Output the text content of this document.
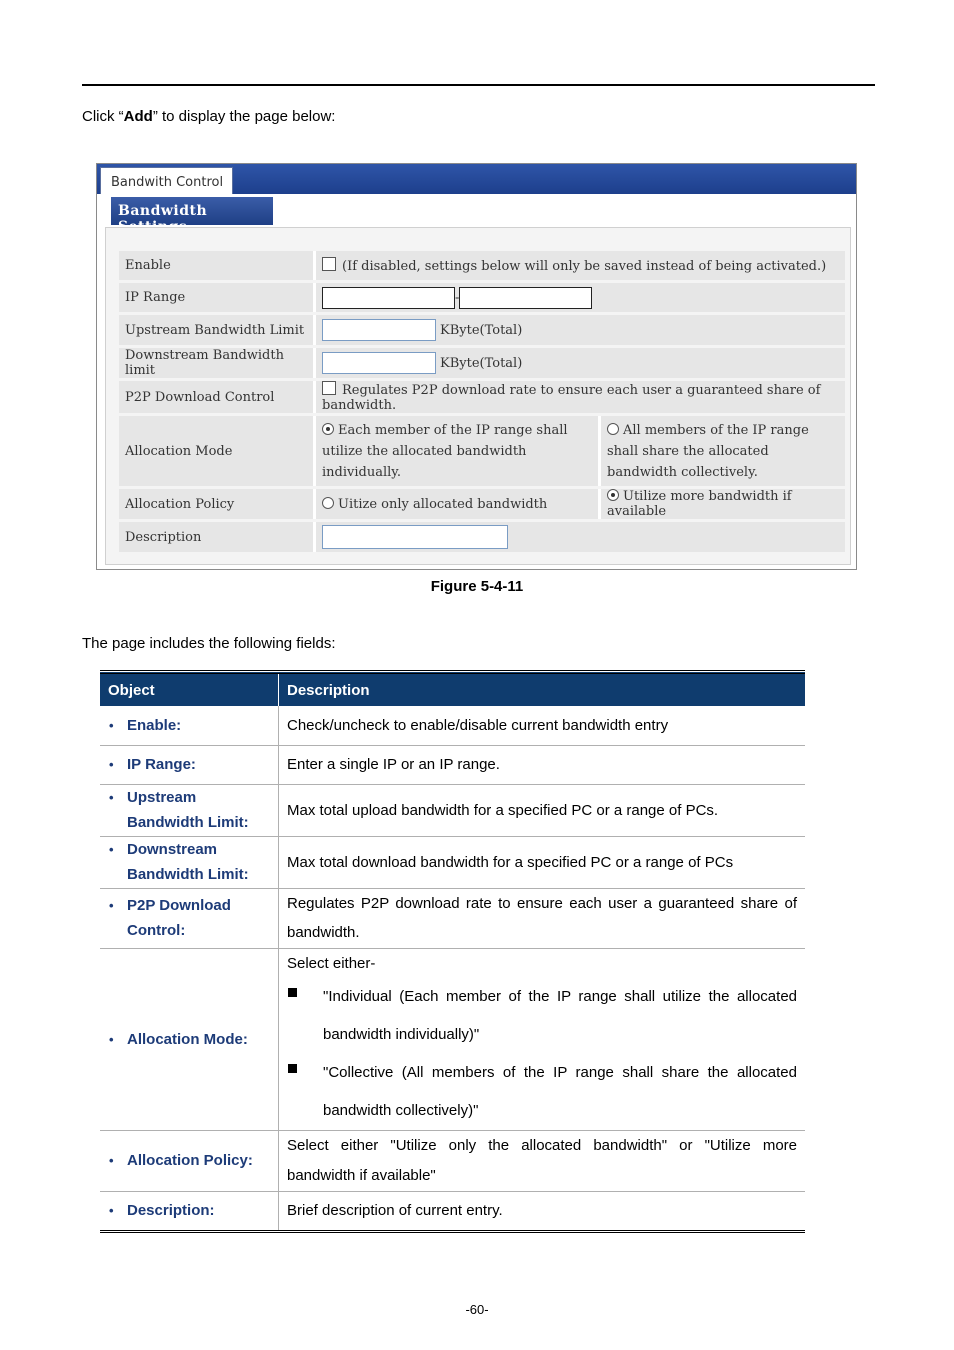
Click “Add” to display the page below:
Bandwith Control
Bandwidth
Enable		(If disabled, settings below will only be saved instead of being activated.)		
IP Range		-		
Upstream Bandwidth Limit		KByte(Total)		
Downstream Bandwidth limit		KByte(Total)		
P2P Download Control		Regulates P2P download rate to ensure each user a guaranteed share of bandwidth.		
Allocation Mode		Each member of the IP range shall utilize the allocated bandwidth individually.		All members of the IP range shall share the allocated bandwidth collectively.
Allocation Policy		Uitize only allocated bandwidth		Utilize more bandwidth if available
Description				
Figure 5-4-11
The page includes the following fields:
Object	Description
• Enable:	Check/uncheck to enable/disable current bandwidth entry
• IP Range:	Enter a single IP or an IP range.
• Upstream Bandwidth Limit:	Max total upload bandwidth for a specified PC or a range of PCs.
• Downstream Bandwidth Limit:	Max total download bandwidth for a specified PC or a range of PCs
• P2P Download Control:	Regulates P2P download rate to ensure each user a guaranteed share of bandwidth.
• Allocation Mode:	Select either-
"Individual (Each member of the IP range shall utilize the allocated bandwidth individually)"
"Collective (All members of the IP range shall share the allocated bandwidth collectively)"

• Allocation Policy:	Select either "Utilize only the allocated bandwidth" or "Utilize more bandwidth if available"
• Description:	Brief description of current entry.
-60-
